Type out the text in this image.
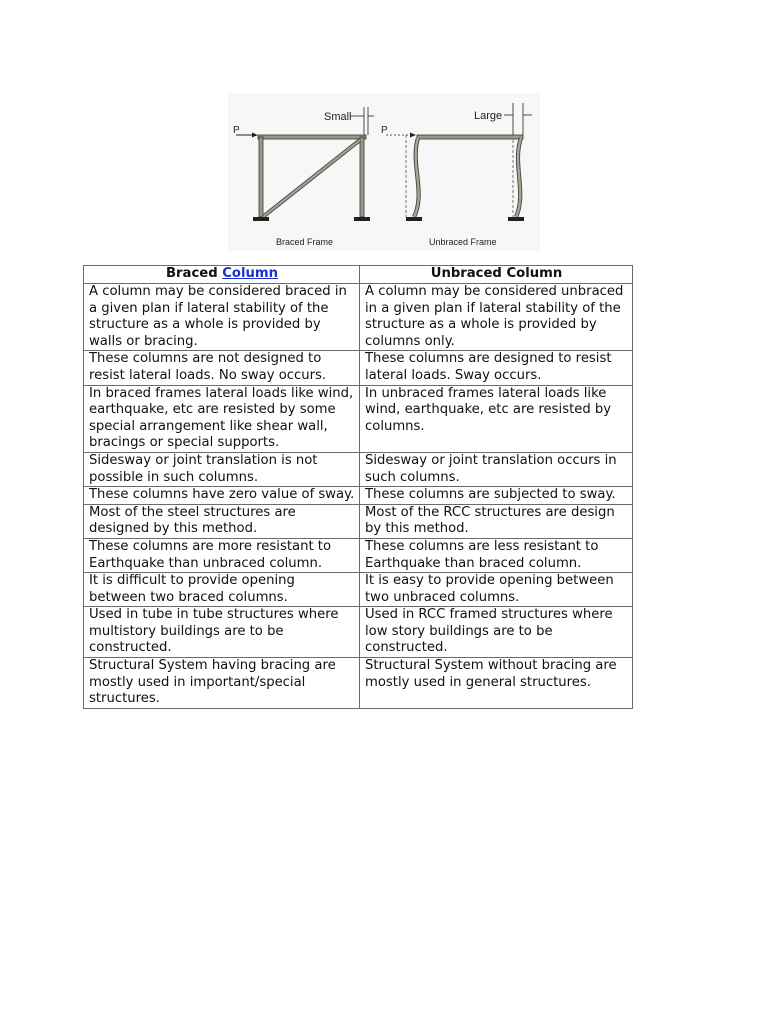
P
Small
Braced Frame
P
Large
Unbraced Frame
Braced Column	Unbraced Column
A column may be considered braced in a given plan if lateral stability of the structure as a whole is provided by walls or bracing.	A column may be considered unbraced in a given plan if lateral stability of the structure as a whole is provided by columns only.
These columns are not designed to resist lateral loads. No sway occurs.	These columns are designed to resist lateral loads. Sway occurs.
In braced frames lateral loads like wind, earthquake, etc are resisted by some special arrangement like shear wall, bracings or special supports.	In unbraced frames lateral loads like wind, earthquake, etc are resisted by columns.
Sidesway or joint translation is not possible in such columns.	Sidesway or joint translation occurs in such columns.
These columns have zero value of sway.	These columns are subjected to sway.
Most of the steel structures are designed by this method.	Most of the RCC structures are design by this method.
These columns are more resistant to Earthquake than unbraced column.	These columns are less resistant to Earthquake than braced column.
It is difficult to provide opening between two braced columns.	It is easy to provide opening between two unbraced columns.
Used in tube in tube structures where multistory buildings are to be constructed.	Used in RCC framed structures where low story buildings are to be constructed.
Structural System having bracing are mostly used in important/special structures.	Structural System without bracing are mostly used in general structures.
